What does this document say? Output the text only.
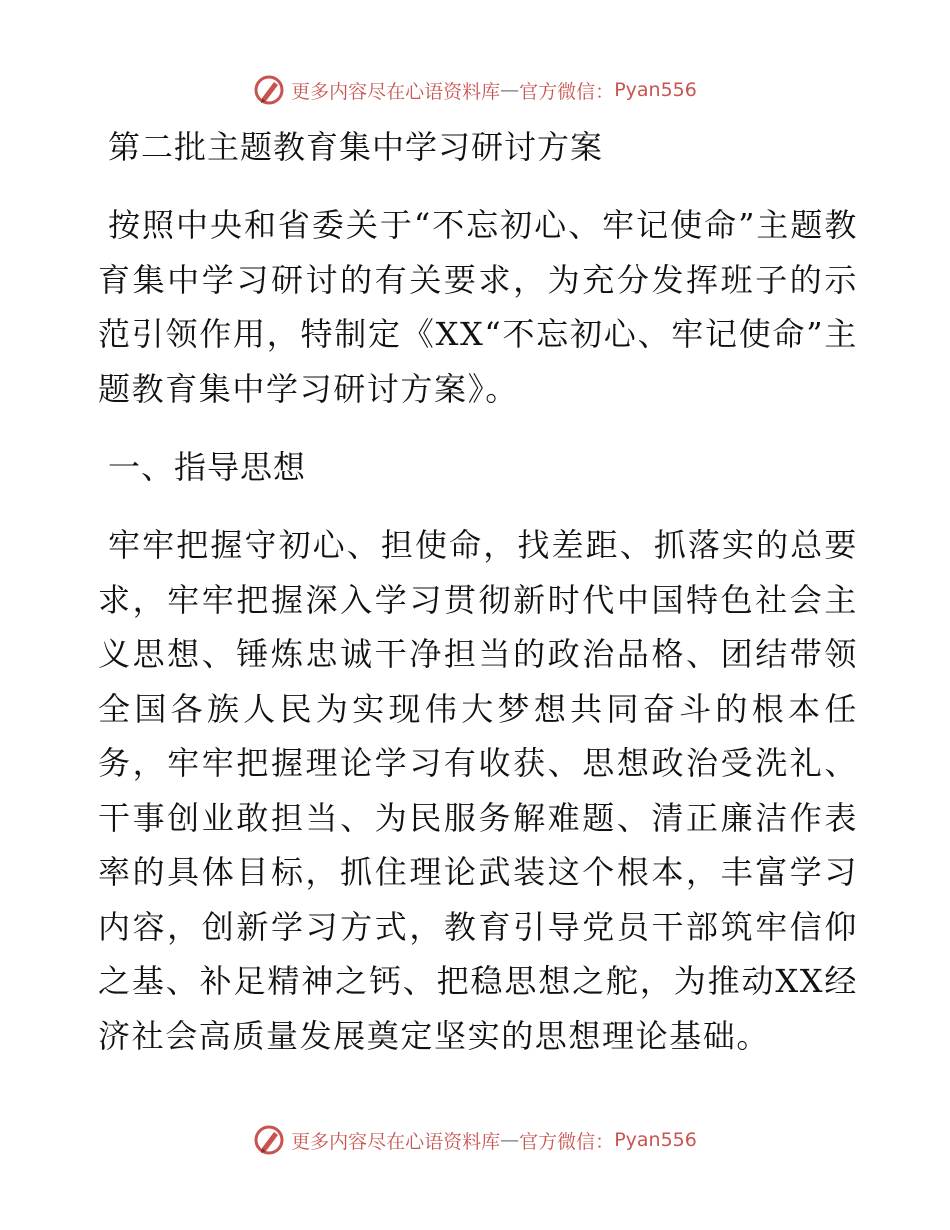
更多内容尽在心语资料库 — 官方微信： Pyan556
第二批主题教育集中学习研讨方案

按照中央和省委关于“不忘初心、牢记使命”主题教育集中学习研讨的有关要求，为充分发挥班子的示范引领作用，特制定《XX“不忘初心、牢记使命”主题教育集中学习研讨方案》。

一、指导思想

牢牢把握守初心、担使命，找差距、抓落实的总要求，牢牢把握深入学习贯彻新时代中国特色社会主义思想、锤炼忠诚干净担当的政治品格、团结带领全国各族人民为实现伟大梦想共同奋斗的根本任务，牢牢把握理论学习有收获、思想政治受洗礼、干事创业敢担当、为民服务解难题、清正廉洁作表率的具体目标，抓住理论武装这个根本，丰富学习内容，创新学习方式，教育引导党员干部筑牢信仰之基、补足精神之钙、把稳思想之舵，为推动XX经济社会高质量发展奠定坚实的思想理论基础。

更多内容尽在心语资料库 — 官方微信： Pyan556
